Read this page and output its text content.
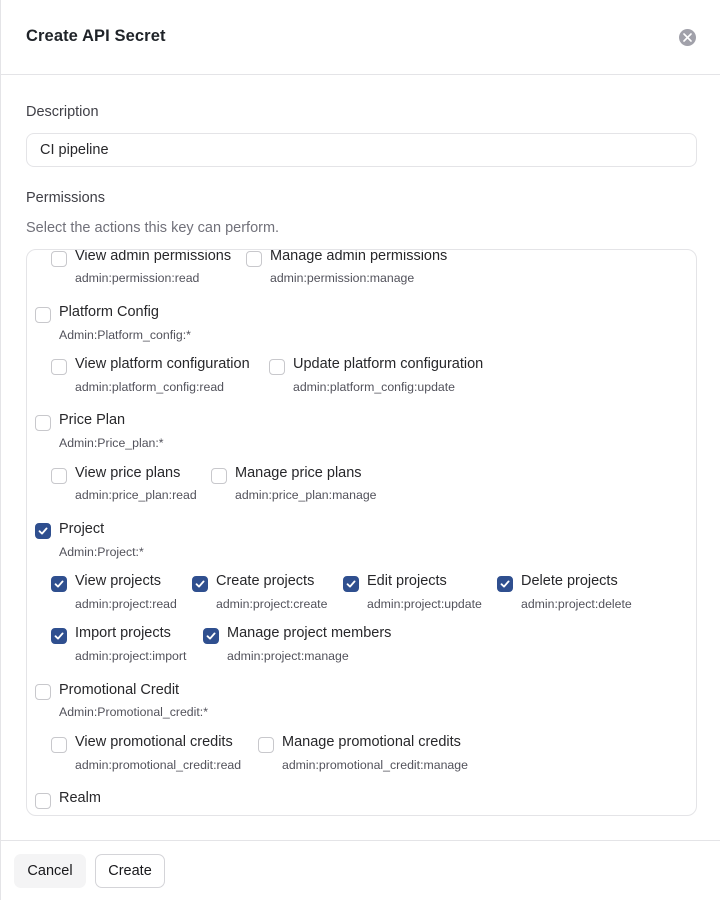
Create API Secret
Description
CI pipeline
Permissions
Select the actions this key can perform.
View admin permissions
admin:permission:read
Manage admin permissions
admin:permission:manage
Platform Config
Admin:Platform_config:*
View platform configuration
admin:platform_config:read
Update platform configuration
admin:platform_config:update
Price Plan
Admin:Price_plan:*
View price plans
admin:price_plan:read
Manage price plans
admin:price_plan:manage
Project
Admin:Project:*
View projects
admin:project:read
Create projects
admin:project:create
Edit projects
admin:project:update
Delete projects
admin:project:delete
Import projects
admin:project:import
Manage project members
admin:project:manage
Promotional Credit
Admin:Promotional_credit:*
View promotional credits
admin:promotional_credit:read
Manage promotional credits
admin:promotional_credit:manage
Realm
Cancel	Create
